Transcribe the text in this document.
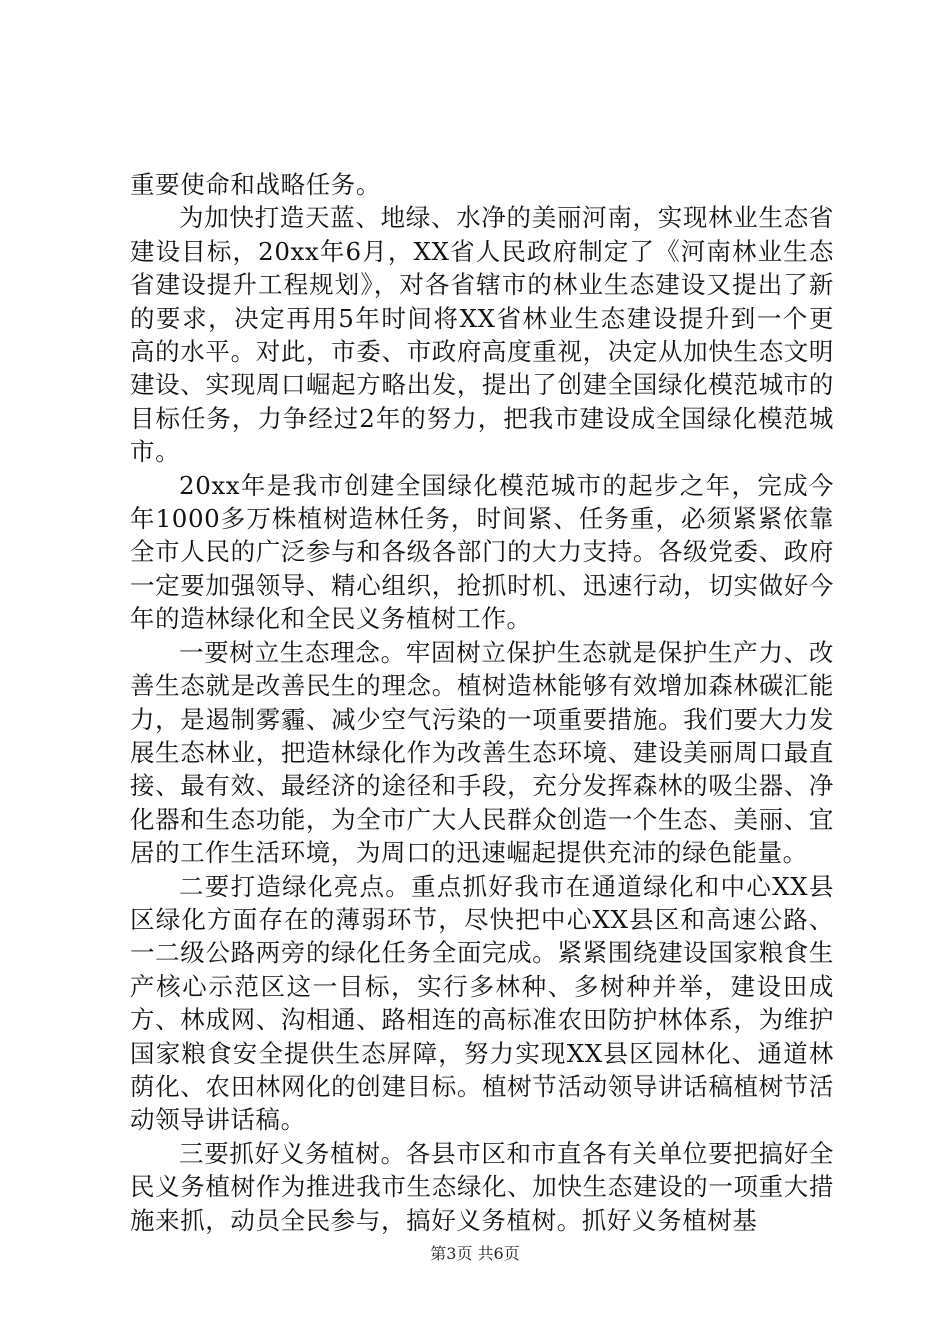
重要使命和战略任务。

为加快打造天蓝、地绿、水净的美丽河南，实现林业生态省建设目标，20xx年6月，XX省人民政府制定了《河南林业生态省建设提升工程规划》，对各省辖市的林业生态建设又提出了新的要求，决定再用5年时间将XX省林业生态建设提升到一个更高的水平。对此，市委、市政府高度重视，决定从加快生态文明建设、实现周口崛起方略出发，提出了创建全国绿化模范城市的目标任务，力争经过2年的努力，把我市建设成全国绿化模范城市。

20xx年是我市创建全国绿化模范城市的起步之年，完成今年1000多万株植树造林任务，时间紧、任务重，必须紧紧依靠全市人民的广泛参与和各级各部门的大力支持。各级党委、政府一定要加强领导、精心组织，抢抓时机、迅速行动，切实做好今年的造林绿化和全民义务植树工作。

一要树立生态理念。牢固树立保护生态就是保护生产力、改善生态就是改善民生的理念。植树造林能够有效增加森林碳汇能力，是遏制雾霾、减少空气污染的一项重要措施。我们要大力发展生态林业，把造林绿化作为改善生态环境、建设美丽周口最直接、最有效、最经济的途径和手段，充分发挥森林的吸尘器、净化器和生态功能，为全市广大人民群众创造一个生态、美丽、宜居的工作生活环境，为周口的迅速崛起提供充沛的绿色能量。

二要打造绿化亮点。重点抓好我市在通道绿化和中心XX县区绿化方面存在的薄弱环节，尽快把中心XX县区和高速公路、一二级公路两旁的绿化任务全面完成。紧紧围绕建设国家粮食生产核心示范区这一目标，实行多林种、多树种并举，建设田成方、林成网、沟相通、路相连的高标准农田防护林体系，为维护国家粮食安全提供生态屏障，努力实现XX县区园林化、通道林荫化、农田林网化的创建目标。植树节活动领导讲话稿植树节活动领导讲话稿。

三要抓好义务植树。各县市区和市直各有关单位要把搞好全民义务植树作为推进我市生态绿化、加快生态建设的一项重大措施来抓，动员全民参与，搞好义务植树。抓好义务植树基

第3页 共6页
